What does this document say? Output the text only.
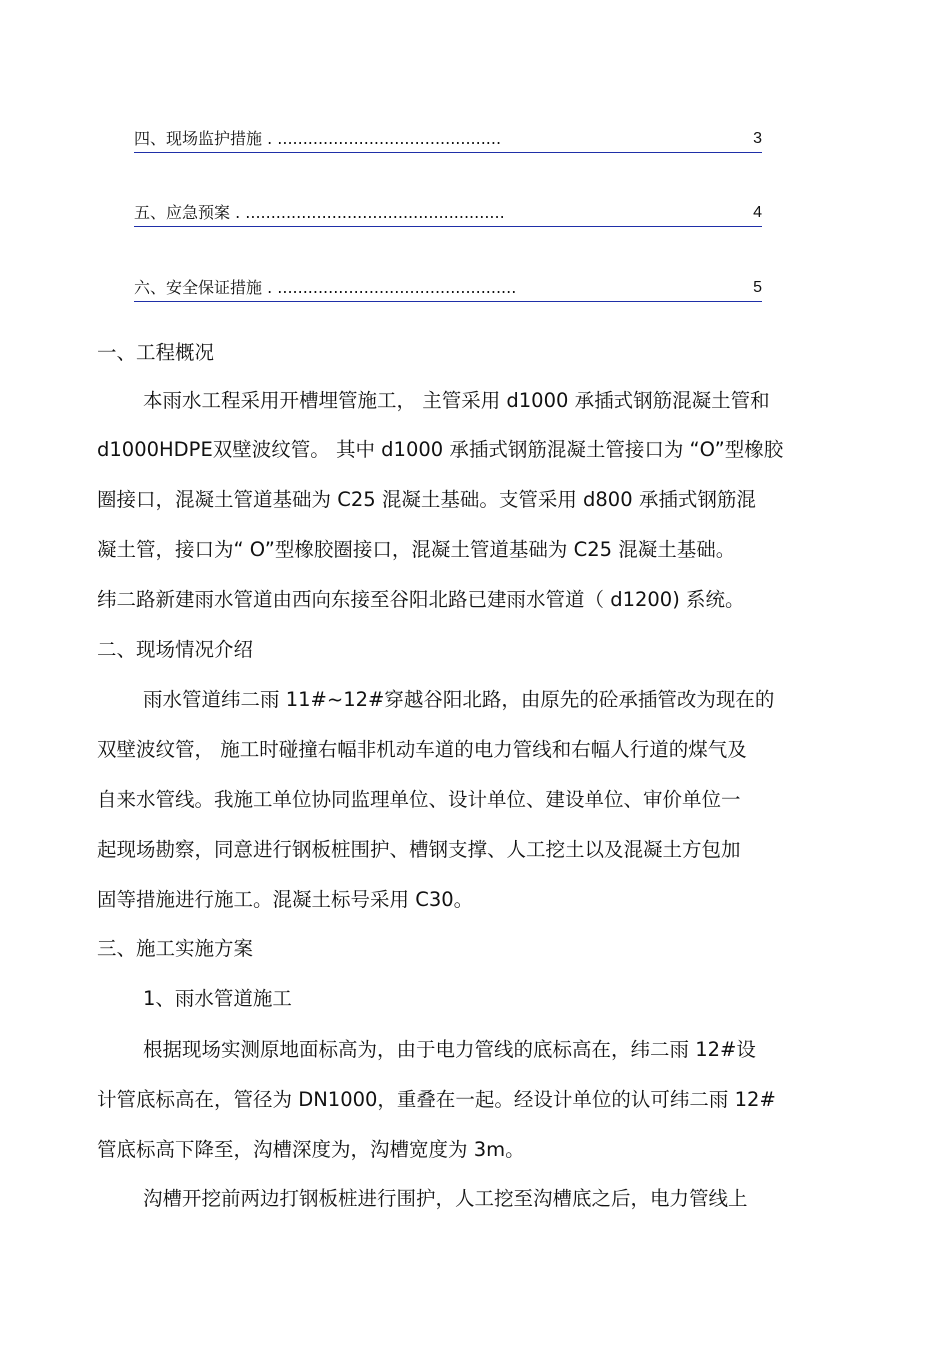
四、现场监护措施 . ............................................	3
五、应急预案 . ...................................................	4
六、安全保证措施 . ...............................................	5
一、工程概况
本雨水工程采用开槽埋管施工， 主管采用 d1000 承插式钢筋混凝土管和
d1000HDPE双壁波纹管。 其中 d1000 承插式钢筋混凝土管接口为 “O”型橡胶
圈接口，混凝土管道基础为 C25 混凝土基础。支管采用 d800 承插式钢筋混
凝土管，接口为“ O”型橡胶圈接口，混凝土管道基础为 C25 混凝土基础。
纬二路新建雨水管道由西向东接至谷阳北路已建雨水管道（ d1200) 系统。
二、现场情况介绍
雨水管道纬二雨 11#~12#穿越谷阳北路，由原先的砼承插管改为现在的
双壁波纹管， 施工时碰撞右幅非机动车道的电力管线和右幅人行道的煤气及
自来水管线。我施工单位协同监理单位、设计单位、建设单位、审价单位一
起现场勘察，同意进行钢板桩围护、槽钢支撑、人工挖土以及混凝土方包加
固等措施进行施工。混凝土标号采用 C30。
三、施工实施方案
1、雨水管道施工
根据现场实测原地面标高为，由于电力管线的底标高在，纬二雨 12#设
计管底标高在，管径为 DN1000，重叠在一起。经设计单位的认可纬二雨 12#
管底标高下降至，沟槽深度为，沟槽宽度为 3m。
沟槽开挖前两边打钢板桩进行围护，人工挖至沟槽底之后，电力管线上
